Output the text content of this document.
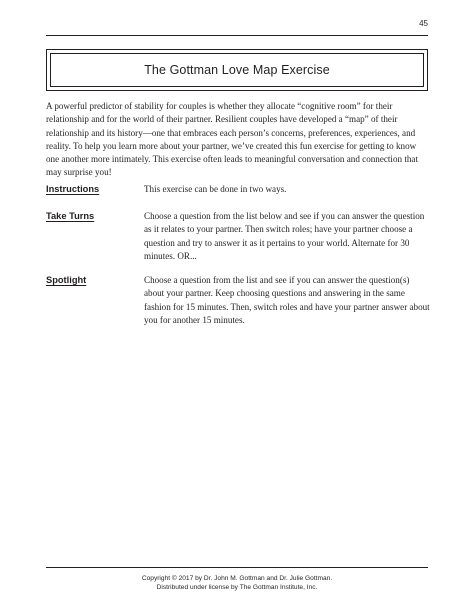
45
The Gottman Love Map Exercise

A powerful predictor of stability for couples is whether they allocate “cognitive room” for their relationship and for the world of their partner. Resilient couples have developed a “map” of their relationship and its history—one that embraces each person’s concerns, preferences, experiences, and reality. To help you learn more about your partner, we’ve created this fun exercise for getting to know one another more intimately. This exercise often leads to meaningful conversation and connection that may surprise you!

Instructions	This exercise can be done in two ways.

Take Turns	Choose a question from the list below and see if you can answer the question as it relates to your partner. Then switch roles; have your partner choose a question and try to answer it as it pertains to your world. Alternate for 30 minutes. OR...

Spotlight	Choose a question from the list and see if you can answer the question(s) about your partner. Keep choosing questions and answering in the same fashion for 15 minutes. Then, switch roles and have your partner answer about you for another 15 minutes.

Copyright © 2017 by Dr. John M. Gottman and Dr. Julie Gottman.
Distributed under license by The Gottman Institute, Inc.
